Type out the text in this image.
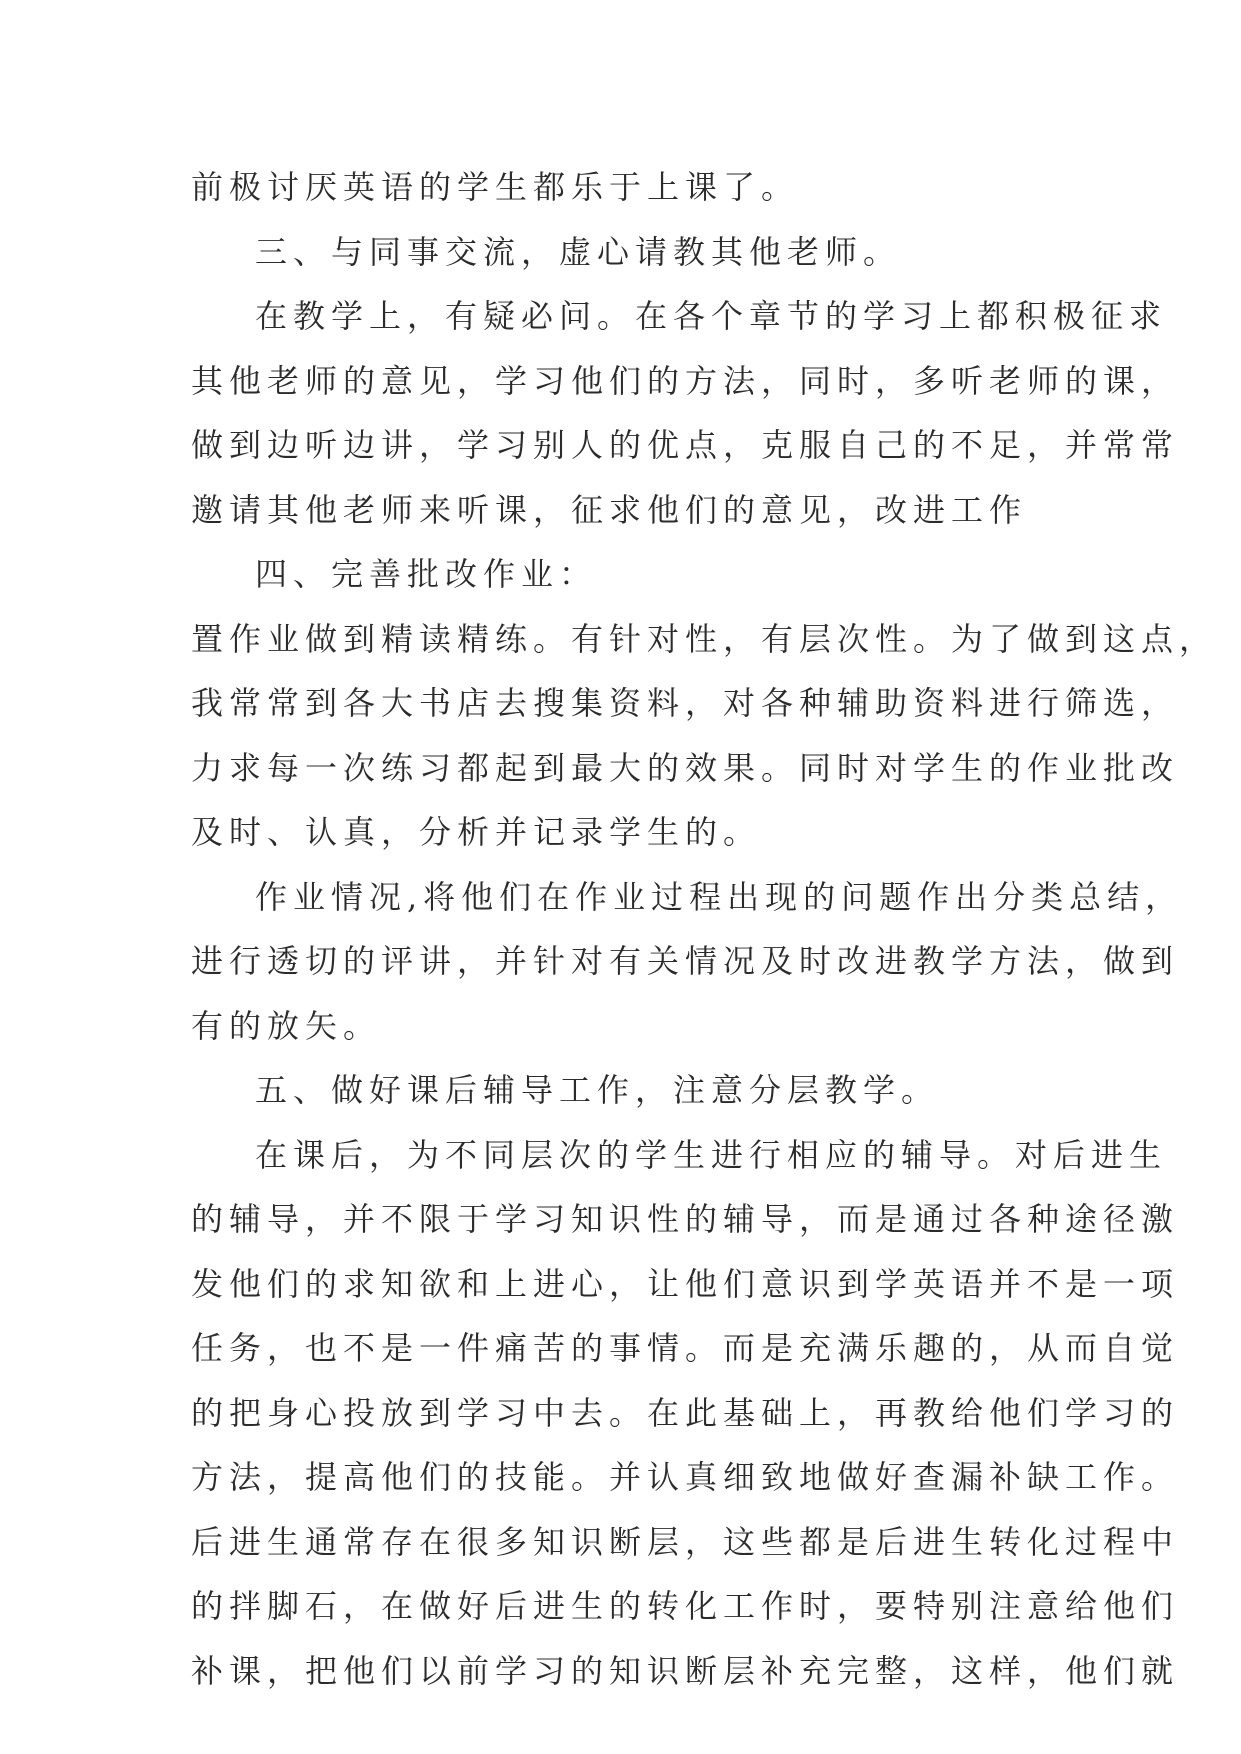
前极讨厌英语的学生都乐于上课了。
三、与同事交流，虚心请教其他老师。
在教学上，有疑必问。在各个章节的学习上都积极征求
其他老师的意见，学习他们的方法，同时，多听老师的课，
做到边听边讲，学习别人的优点，克服自己的不足，并常常
邀请其他老师来听课，征求他们的意见，改进工作
四、完善批改作业：
置作业做到精读精练。有针对性，有层次性。为了做到这点，
我常常到各大书店去搜集资料，对各种辅助资料进行筛选，
力求每一次练习都起到最大的效果。同时对学生的作业批改
及时、认真，分析并记录学生的。
作业情况,将他们在作业过程出现的问题作出分类总结，
进行透切的评讲，并针对有关情况及时改进教学方法，做到
有的放矢。
五、做好课后辅导工作，注意分层教学。
在课后，为不同层次的学生进行相应的辅导。对后进生
的辅导，并不限于学习知识性的辅导，而是通过各种途径激
发他们的求知欲和上进心，让他们意识到学英语并不是一项
任务，也不是一件痛苦的事情。而是充满乐趣的，从而自觉
的把身心投放到学习中去。在此基础上，再教给他们学习的
方法，提高他们的技能。并认真细致地做好查漏补缺工作。
后进生通常存在很多知识断层，这些都是后进生转化过程中
的拌脚石，在做好后进生的转化工作时，要特别注意给他们
补课，把他们以前学习的知识断层补充完整，这样，他们就
